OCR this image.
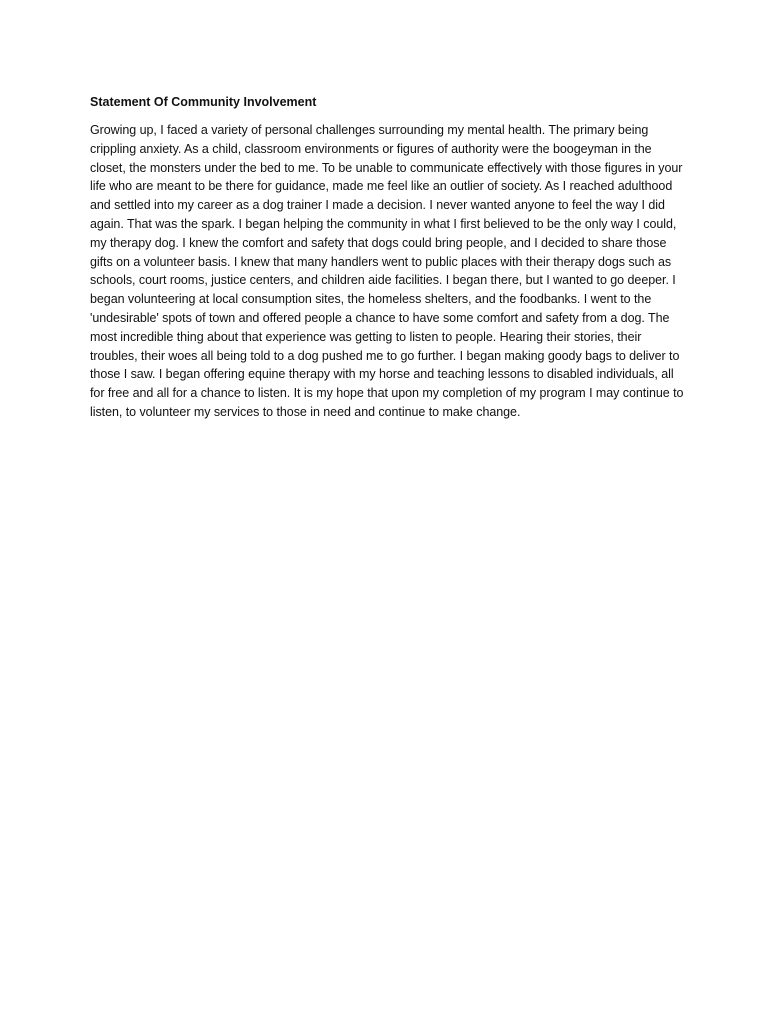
Statement Of Community Involvement

Growing up, I faced a variety of personal challenges surrounding my mental health. The primary being crippling anxiety. As a child, classroom environments or figures of authority were the boogeyman in the closet, the monsters under the bed to me. To be unable to communicate effectively with those figures in your life who are meant to be there for guidance, made me feel like an outlier of society. As I reached adulthood and settled into my career as a dog trainer I made a decision. I never wanted anyone to feel the way I did again. That was the spark. I began helping the community in what I first believed to be the only way I could, my therapy dog. I knew the comfort and safety that dogs could bring people, and I decided to share those gifts on a volunteer basis. I knew that many handlers went to public places with their therapy dogs such as schools, court rooms, justice centers, and children aide facilities. I began there, but I wanted to go deeper. I began volunteering at local consumption sites, the homeless shelters, and the foodbanks. I went to the 'undesirable' spots of town and offered people a chance to have some comfort and safety from a dog. The most incredible thing about that experience was getting to listen to people. Hearing their stories, their troubles, their woes all being told to a dog pushed me to go further. I began making goody bags to deliver to those I saw. I began offering equine therapy with my horse and teaching lessons to disabled individuals, all for free and all for a chance to listen. It is my hope that upon my completion of my program I may continue to listen, to volunteer my services to those in need and continue to make change.
